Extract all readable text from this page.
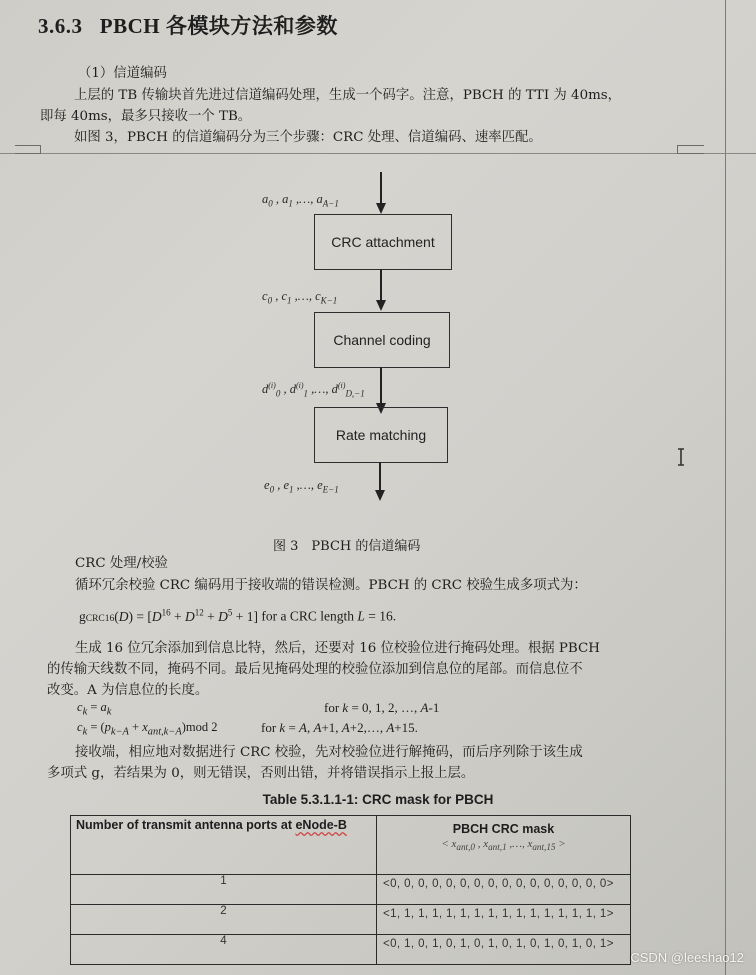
3.6.3 PBCH 各模块方法和参数
（1）信道编码
上层的 TB 传输块首先进过信道编码处理，生成一个码字。注意，PBCH 的 TTI 为 40ms，
即每 40ms，最多只接收一个 TB。
如图 3，PBCH 的信道编码分为三个步骤：CRC 处理、信道编码、速率匹配。
$a_0$ , $a_1$ ,…, $a_{A-1}$
CRC attachment
$c_0$ , $c_1$ ,…, $c_{K-1}$
Channel coding
$d^{(i)}_0$ , $d^{(i)}_1$ ,…, $d^{(i)}_{D,-1}$
Rate matching
$e_0$ , $e_1$ ,…, $e_{E-1}$
图 3　PBCH 的信道编码
CRC 处理/校验
循环冗余校验 CRC 编码用于接收端的错误检测。PBCH 的 CRC 校验生成多项式为：
gCRC16(D) = $[D^{16} + D^{12} + D^5 + 1]$ for a CRC length L = 16.
生成 16 位冗余添加到信息比特，然后，还要对 16 位校验位进行掩码处理。根据 PBCH
的传输天线数不同，掩码不同。最后见掩码处理的校验位添加到信息位的尾部。而信息位不
改变。A 为信息位的长度。
$c_k = a_k$	for k = 0, 1, 2, …, A-1
$c_k = (p_{k-A} + x_{ant,k-A})mod$ 2	for k = A, A+1, A+2,…, A+15.
接收端，相应地对数据进行 CRC 校验，先对校验位进行解掩码，而后序列除于该生成
多项式 g，若结果为 0，则无错误，否则出错，并将错误指示上报上层。
Table 5.3.1.1-1: CRC mask for PBCH
Number of transmit antenna ports at eNode-B	PBCH CRC mask
< $x_{ant,0}$ , $x_{ant,1}$ ,…, $x_{ant,15}$ >

1	<0, 0, 0, 0, 0, 0, 0, 0, 0, 0, 0, 0, 0, 0, 0, 0>
2	<1, 1, 1, 1, 1, 1, 1, 1, 1, 1, 1, 1, 1, 1, 1, 1>
4	<0, 1, 0, 1, 0, 1, 0, 1, 0, 1, 0, 1, 0, 1, 0, 1>
CSDN @leeshao12
